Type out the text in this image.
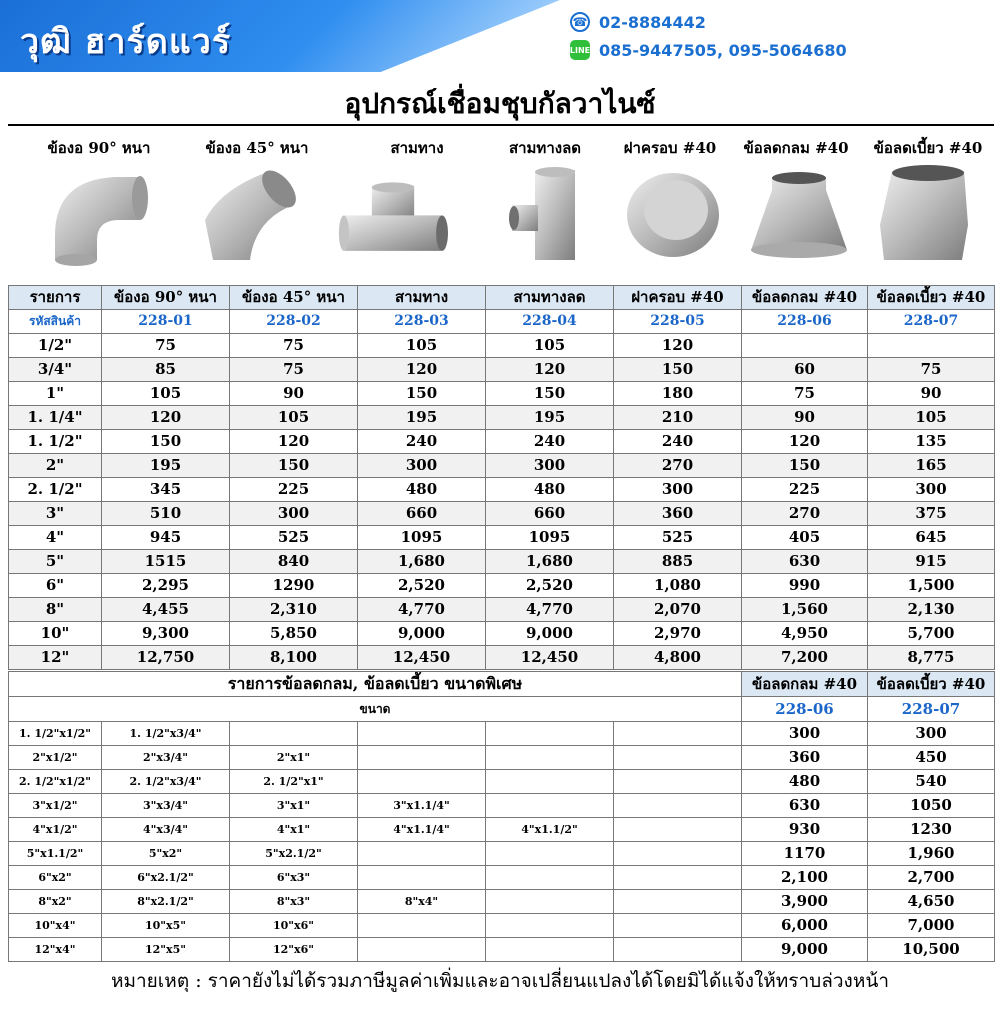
วุฒิ ฮาร์ดแวร์	☎ 02-8884442
LINE 085-9447505, 095-5064680
อุปกรณ์เชื่อมชุบกัลวาไนซ์
ข้องอ 90° หนา	ข้องอ 45° หนา	สามทาง	สามทางลด	ฝาครอบ #40	ข้อลดกลม #40	ข้อลดเบี้ยว #40
รายการ	ข้องอ 90° หนา	ข้องอ 45° หนา	สามทาง	สามทางลด	ฝาครอบ #40	ข้อลดกลม #40	ข้อลดเบี้ยว #40
รหัสสินค้า	228-01	228-02	228-03	228-04	228-05	228-06	228-07
1/2"	75	75	105	105	120		
3/4"	85	75	120	120	150	60	75
1"	105	90	150	150	180	75	90
1. 1/4"	120	105	195	195	210	90	105
1. 1/2"	150	120	240	240	240	120	135
2"	195	150	300	300	270	150	165
2. 1/2"	345	225	480	480	300	225	300
3"	510	300	660	660	360	270	375
4"	945	525	1095	1095	525	405	645
5"	1515	840	1,680	1,680	885	630	915
6"	2,295	1290	2,520	2,520	1,080	990	1,500
8"	4,455	2,310	4,770	4,770	2,070	1,560	2,130
10"	9,300	5,850	9,000	9,000	2,970	4,950	5,700
12"	12,750	8,100	12,450	12,450	4,800	7,200	8,775
รายการข้อลดกลม, ข้อลดเบี้ยว ขนาดพิเศษ						ข้อลดกลม #40	ข้อลดเบี้ยว #40
ขนาด						228-06	228-07
1. 1/2"x1/2"	1. 1/2"x3/4"					300	300
2"x1/2"	2"x3/4"	2"x1"				360	450
2. 1/2"x1/2"	2. 1/2"x3/4"	2. 1/2"x1"				480	540
3"x1/2"	3"x3/4"	3"x1"	3"x1.1/4"			630	1050
4"x1/2"	4"x3/4"	4"x1"	4"x1.1/4"	4"x1.1/2"		930	1230
5"x1.1/2"	5"x2"	5"x2.1/2"				1170	1,960
6"x2"	6"x2.1/2"	6"x3"				2,100	2,700
8"x2"	8"x2.1/2"	8"x3"	8"x4"			3,900	4,650
10"x4"	10"x5"	10"x6"				6,000	7,000
12"x4"	12"x5"	12"x6"				9,000	10,500
หมายเหตุ : ราคายังไม่ได้รวมภาษีมูลค่าเพิ่มและอาจเปลี่ยนแปลงได้โดยมิได้แจ้งให้ทราบล่วงหน้า
